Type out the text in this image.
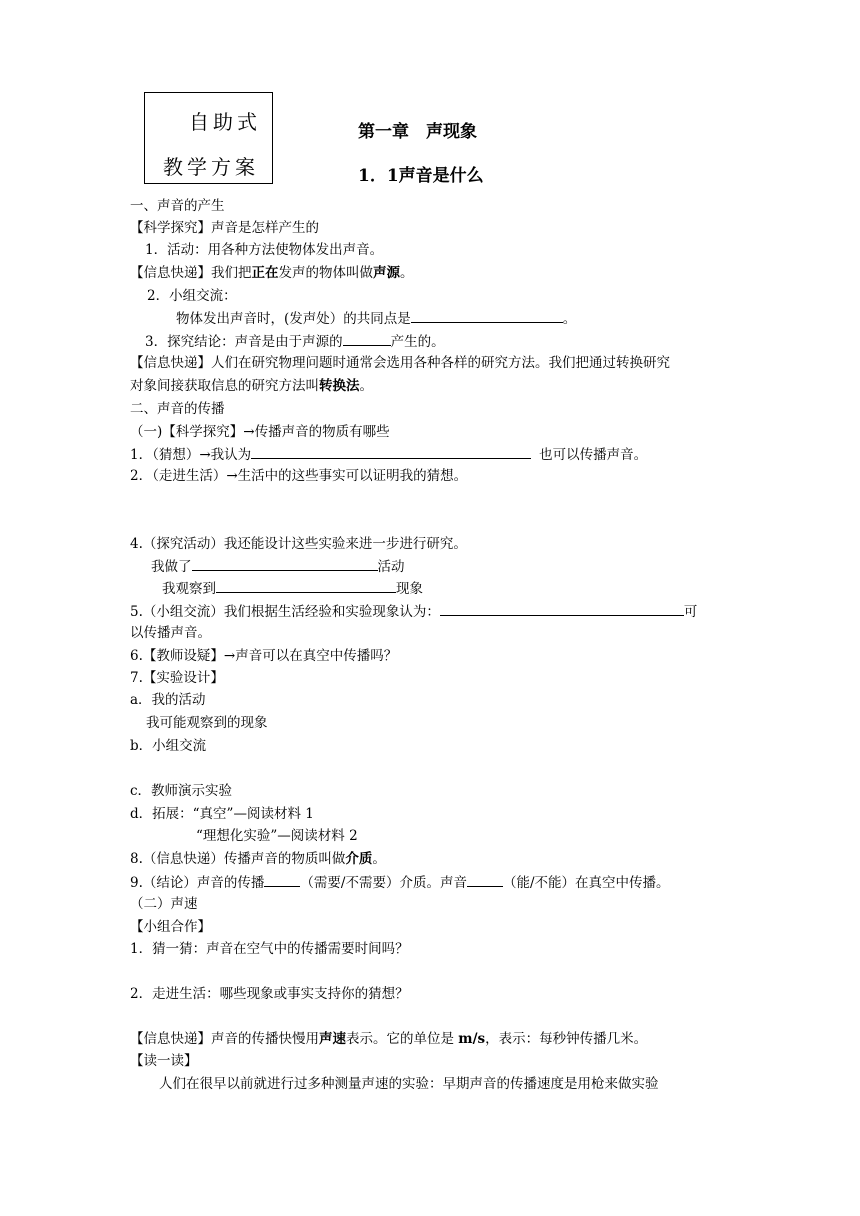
自助式
教学方案
第一章　声现象
1．1声音是什么
一、声音的产生
【科学探究】声音是怎样产生的
1．活动：用各种方法使物体发出声音。
【信息快递】我们把正在发声的物体叫做声源。
2．小组交流：
物体发出声音时，(发声处）的共同点是	。
3．探究结论：声音是由于声源的	产生的。
【信息快递】人们在研究物理问题时通常会选用各种各样的研究方法。我们把通过转换研究
对象间接获取信息的研究方法叫转换法。
二、声音的传播
（一)【科学探究】→传播声音的物质有哪些
1．（猜想）→我认为	也可以传播声音。
2．（走进生活）→生活中的这些事实可以证明我的猜想。
4.（探究活动）我还能设计这些实验来进一步进行研究。
我做了	活动
我观察到	现象
5.（小组交流）我们根据生活经验和实验现象认为：	可
以传播声音。
6.【教师设疑】→声音可以在真空中传播吗？
7.【实验设计】
a．我的活动
我可能观察到的现象
b．小组交流
c．教师演示实验
d．拓展：“真空”—阅读材料 1
“理想化实验”—阅读材料 2
8.（信息快递）传播声音的物质叫做介质。
9.（结论）声音的传播	（需要/不需要）介质。声音	（能/不能）在真空中传播。
（二）声速
【小组合作】
1．猜一猜：声音在空气中的传播需要时间吗？
2．走进生活：哪些现象或事实支持你的猜想？
【信息快递】声音的传播快慢用声速表示。它的单位是 m/s，表示：每秒钟传播几米。
【读一读】
人们在很早以前就进行过多种测量声速的实验：早期声音的传播速度是用枪来做实验
